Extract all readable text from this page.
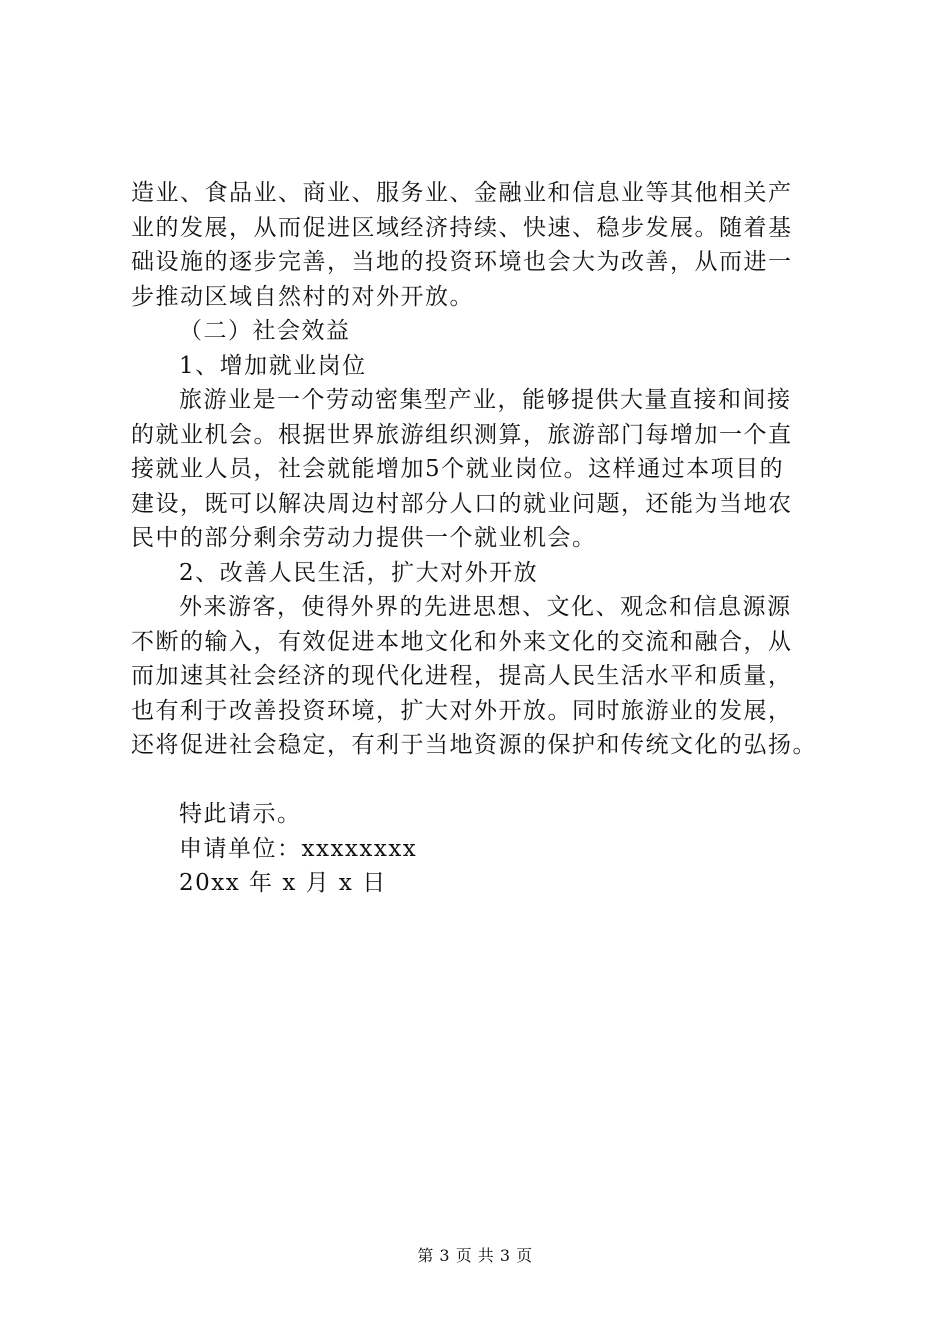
造业、食品业、商业、服务业、金融业和信息业等其他相关产
业的发展，从而促进区域经济持续、快速、稳步发展。随着基
础设施的逐步完善，当地的投资环境也会大为改善，从而进一
步推动区域自然村的对外开放。
（二）社会效益
1、增加就业岗位
旅游业是一个劳动密集型产业，能够提供大量直接和间接
的就业机会。根据世界旅游组织测算，旅游部门每增加一个直
接就业人员，社会就能增加5个就业岗位。这样通过本项目的
建设，既可以解决周边村部分人口的就业问题，还能为当地农
民中的部分剩余劳动力提供一个就业机会。
2、改善人民生活，扩大对外开放
外来游客，使得外界的先进思想、文化、观念和信息源源
不断的输入，有效促进本地文化和外来文化的交流和融合，从
而加速其社会经济的现代化进程，提高人民生活水平和质量，
也有利于改善投资环境，扩大对外开放。同时旅游业的发展，
还将促进社会稳定，有利于当地资源的保护和传统文化的弘扬。
特此请示。
申请单位：xxxxxxxx
20xx 年 x 月 x 日
第 3 页 共 3 页
